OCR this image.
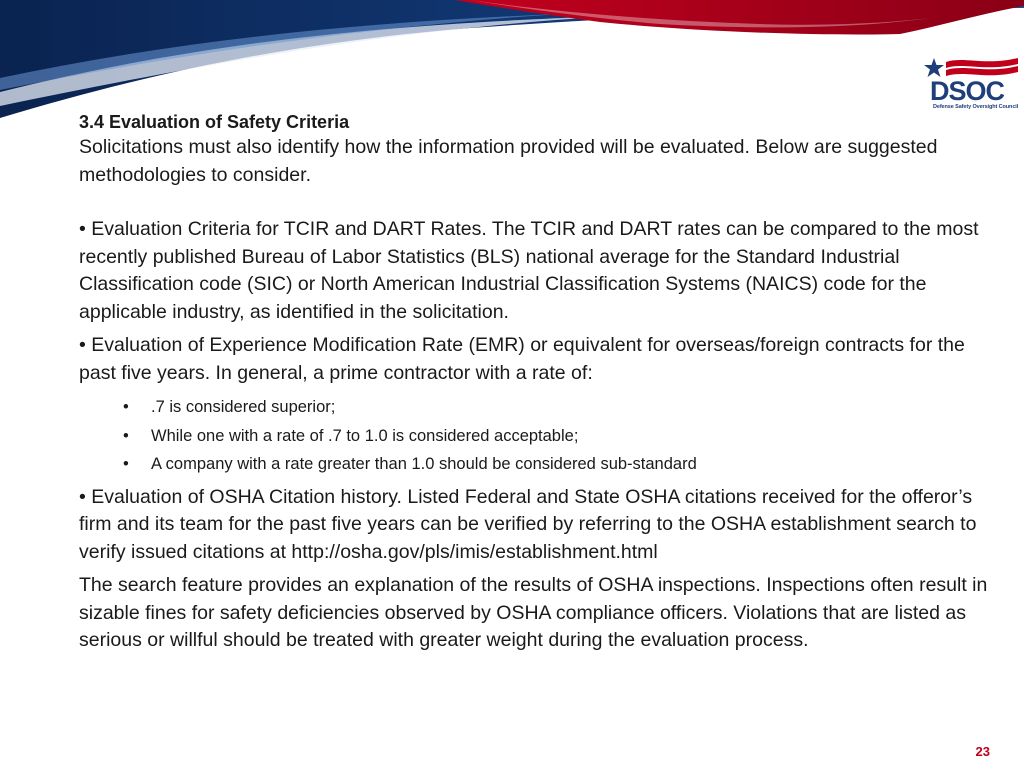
DSOC
Defense Safety Oversight Council

3.4 Evaluation of Safety Criteria

Solicitations must also identify how the information provided will be evaluated. Below are suggested methodologies to consider.

• Evaluation Criteria for TCIR and DART Rates. The TCIR and DART rates can be compared to the most recently published Bureau of Labor Statistics (BLS) national average for the Standard Industrial Classification code (SIC) or North American Industrial Classification Systems (NAICS) code for the applicable industry, as identified in the solicitation.

• Evaluation of Experience Modification Rate (EMR) or equivalent for overseas/foreign contracts for the past five years. In general, a prime contractor with a rate of:

• .7 is considered superior;
• While one with a rate of .7 to 1.0 is considered acceptable;
• A company with a rate greater than 1.0 should be considered sub-standard

• Evaluation of OSHA Citation history. Listed Federal and State OSHA citations received for the offeror’s firm and its team for the past five years can be verified by referring to the OSHA establishment search to verify issued citations at http://osha.gov/pls/imis/establishment.html

The search feature provides an explanation of the results of OSHA inspections. Inspections often result in sizable fines for safety deficiencies observed by OSHA compliance officers. Violations that are listed as serious or willful should be treated with greater weight during the evaluation process.

23
